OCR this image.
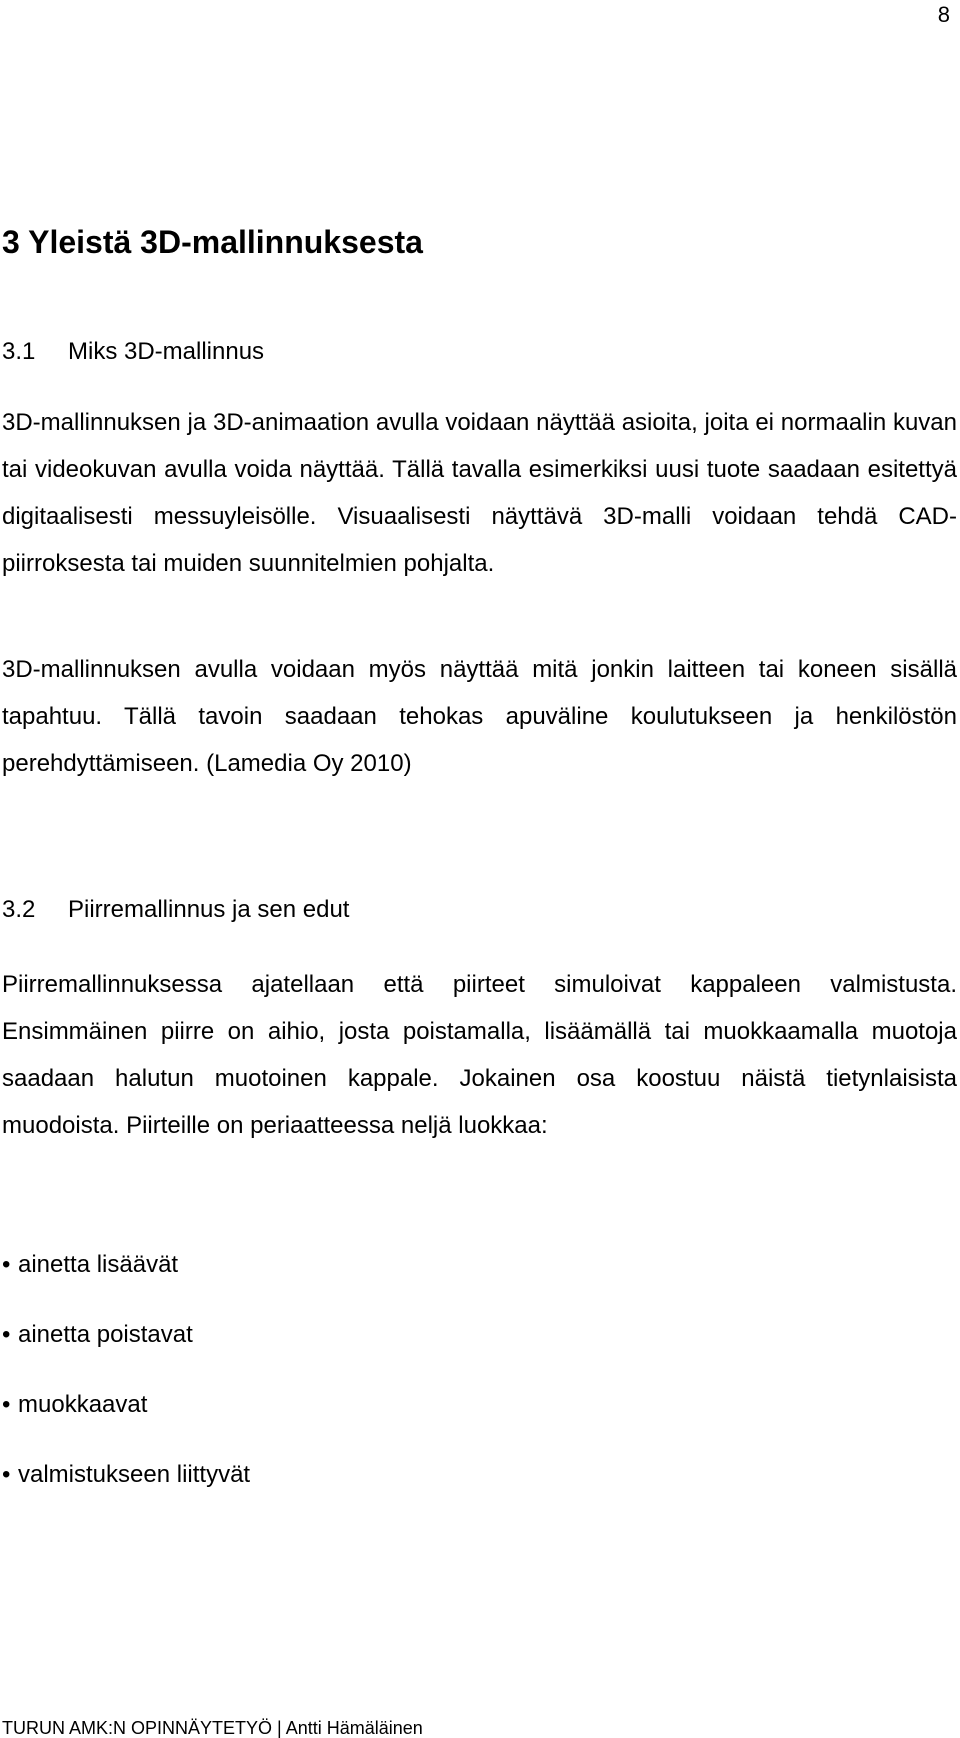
8
3 Yleistä 3D-mallinnuksesta
3.1 Miks 3D-mallinnus

3D-mallinnuksen ja 3D-animaation avulla voidaan näyttää asioita, joita ei normaalin kuvan tai videokuvan avulla voida näyttää. Tällä tavalla esimerkiksi uusi tuote saadaan esitettyä digitaalisesti messuyleisölle. Visuaalisesti näyttävä 3D-malli voidaan tehdä CAD-piirroksesta tai muiden suunnitelmien pohjalta.

3D-mallinnuksen avulla voidaan myös näyttää mitä jonkin laitteen tai koneen sisällä tapahtuu. Tällä tavoin saadaan tehokas apuväline koulutukseen ja henkilöstön perehdyttämiseen. (Lamedia Oy 2010)

3.2 Piirremallinnus ja sen edut

Piirremallinnuksessa ajatellaan että piirteet simuloivat kappaleen valmistusta. Ensimmäinen piirre on aihio, josta poistamalla, lisäämällä tai muokkaamalla muotoja saadaan halutun muotoinen kappale. Jokainen osa koostuu näistä tietynlaisista muodoista. Piirteille on periaatteessa neljä luokkaa:

• ainetta lisäävät
• ainetta poistavat
• muokkaavat
• valmistukseen liittyvät
TURUN AMK:N OPINNÄYTETYÖ | Antti Hämäläinen
